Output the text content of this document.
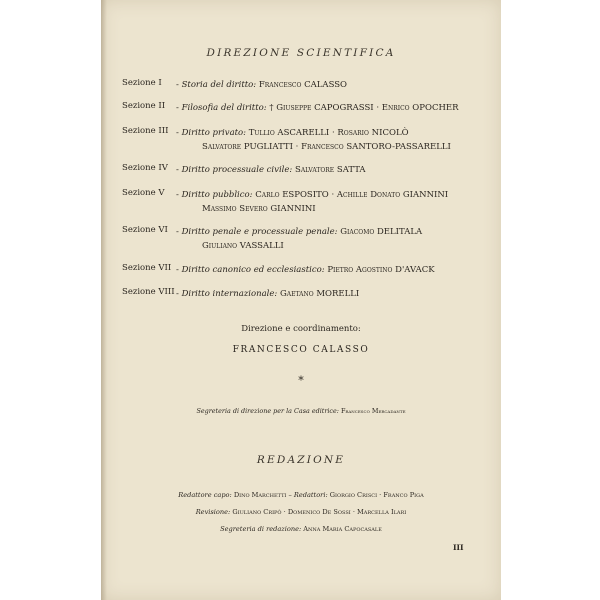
DIREZIONE SCIENTIFICA
Sezione I	- Storia del diritto: Francesco CALASSO
Sezione II	- Filosofia del diritto: † Giuseppe CAPOGRASSI · Enrico OPOCHER
Sezione III - Diritto privato: Tullio ASCARELLI · Rosario NICOLÒ
Salvatore PUGLIATTI · Francesco SANTORO-PASSARELLI
Sezione IV - Diritto processuale civile: Salvatore SATTA
Sezione V	- Diritto pubblico: Carlo ESPOSITO · Achille Donato GIANNINI
Massimo Severo GIANNINI
Sezione VI - Diritto penale e processuale penale: Giacomo DELITALA
Giuliano VASSALLI
Sezione VII - Diritto canonico ed ecclesiastico: Pietro Agostino D'AVACK
Sezione VIII - Diritto internazionale: Gaetano MORELLI
Direzione e coordinamento:
FRANCESCO CALASSO
*
Segreteria di direzione per la Casa editrice: Francesco Mercadante
REDAZIONE
Redattore capo: Dino Marchetti – Redattori: Giorgio Crisci · Franco Piga
Revisione: Giuliano Cripò · Domenico De Sossi · Marcella Ilari
Segreteria di redazione: Anna Maria Capocasale
III
